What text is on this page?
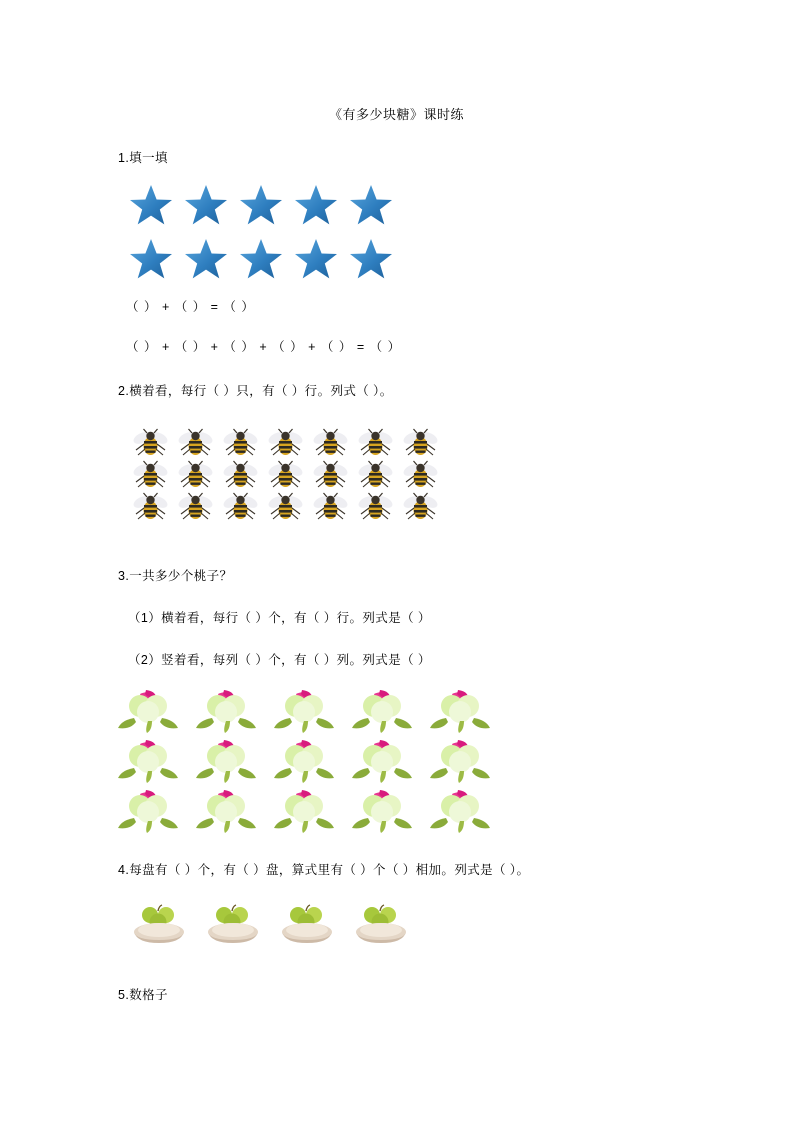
《有多少块糖》课时练
1.填一填
（ ） + （ ） = （ ）
（ ） + （ ） + （ ） + （ ） + （ ） = （ ）
2.横着看，每行（ ）只，有（ ）行。列式（ ）。
3.一共多少个桃子？
（1）横着看，每行（ ）个，有（ ）行。列式是（ ）
（2）竖着看，每列（ ）个，有（ ）列。列式是（ ）
4.每盘有（ ）个，有（ ）盘，算式里有（ ）个（ ）相加。列式是（ ）。
5.数格子
